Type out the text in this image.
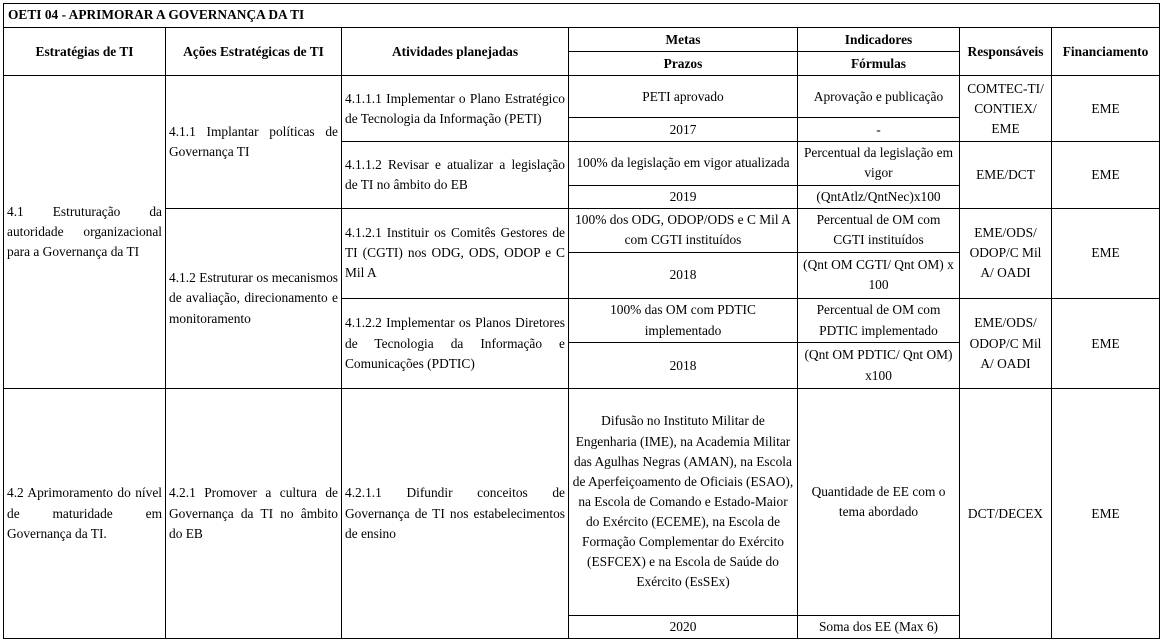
OETI 04 - APRIMORAR A GOVERNANÇA DA TI						
Estratégias de TI	Ações Estratégicas de TI	Atividades planejadas	Metas	Indicadores	Responsáveis	Financiamento
			Prazos	Fórmulas		
4.1 Estruturação da autoridade organizacional para a Governança da TI	4.1.1 Implantar políticas de Governança TI	4.1.1.1 Implementar o Plano Estratégico de Tecnologia da Informação (PETI)	PETI aprovado	Aprovação e publicação	COMTEC-TI/ CONTIEX/ EME	EME
			2017	-		
		4.1.1.2 Revisar e atualizar a legislação de TI no âmbito do EB	100% da legislação em vigor atualizada	Percentual da legislação em vigor	EME/DCT	EME
			2019	(QntAtlz/QntNec)x100		
	4.1.2 Estruturar os mecanismos de avaliação, direcionamento e monitoramento	4.1.2.1 Instituir os Comitês Gestores de TI (CGTI) nos ODG, ODS, ODOP e C Mil A	100% dos ODG, ODOP/ODS e C Mil A com CGTI instituídos	Percentual de OM com CGTI instituídos	EME/ODS/ ODOP/C Mil A/ OADI	EME
			2018	(Qnt OM CGTI/ Qnt OM) x 100		
		4.1.2.2 Implementar os Planos Diretores de Tecnologia da Informação e Comunicações (PDTIC)	100% das OM com PDTIC implementado	Percentual de OM com PDTIC implementado	EME/ODS/ ODOP/C Mil A/ OADI	EME
			2018	(Qnt OM PDTIC/ Qnt OM) x100		
4.2 Aprimoramento do nível de maturidade em Governança da TI.	4.2.1 Promover a cultura de Governança da TI no âmbito do EB	4.2.1.1 Difundir conceitos de Governança de TI nos estabelecimentos de ensino	Difusão no Instituto Militar de Engenharia (IME), na Academia Militar das Agulhas Negras (AMAN), na Escola de Aperfeiçoamento de Oficiais (ESAO), na Escola de Comando e Estado-Maior do Exército (ECEME), na Escola de Formação Complementar do Exército (ESFCEX) e na Escola de Saúde do Exército (EsSEx)	Quantidade de EE com o tema abordado	DCT/DECEX	EME
			2020	Soma dos EE (Max 6)		
